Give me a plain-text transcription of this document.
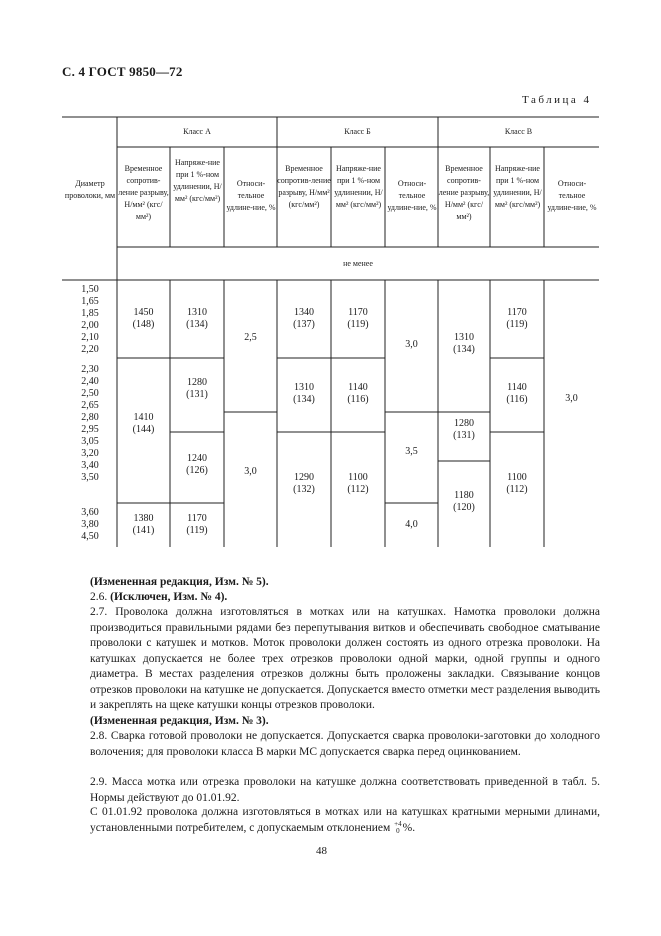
С. 4 ГОСТ 9850—72
Таблица 4
Диаметр проволоки, мм
Класс А	Класс Б	Класс В
Временное сопротив-ление разрыву, Н/мм² (кгс/мм²)
Напряже-ние при 1 %-ном удлинении, Н/мм² (кгс/мм²)
Относи-тельное удлине-ние, %
Временное сопротив-ление разрыву, Н/мм² (кгс/мм²)
Напряже-ние при 1 %-ном удлинении, Н/мм² (кгс/мм²)
Относи-тельное удлине-ние, %
Временное сопротив-ление разрыву, Н/мм² (кгс/мм²)
Напряже-ние при 1 %-ном удлинении, Н/мм² (кгс/мм²)
Относи-тельное удлине-ние, %
не менее
1,50
1,65
1,85
2,00
2,10
2,20
2,30
2,40
2,50
2,65
2,80
2,95
3,05
3,20
3,40
3,50
3,60
3,80
4,50
1450
(148)
1410
(144)
1380
(141)
1310
(134)
1280
(131)
1240
(126)
1170
(119)
2,5
3,0
1340
(137)
1310
(134)
1290
(132)
1170
(119)
1140
(116)
1100
(112)
3,0
3,5
4,0
1310
(134)
1280
(131)
1180
(120)
1170
(119)
1140
(116)
1100
(112)
3,0
(Измененная редакция, Изм. № 5).
2.6. (Исключен, Изм. № 4).
2.7. Проволока должна изготовляться в мотках или на катушках. Намотка проволоки должна производиться правильными рядами без перепутывания витков и обеспечивать свободное сматывание проволоки с катушек и мотков. Моток проволоки должен состоять из одного отрезка проволоки. На катушках допускается не более трех отрезков проволоки одной марки, одной группы и одного диаметра. В местах разделения отрезков должны быть проложены закладки. Связывание концов отрезков проволоки на катушке не допускается. Допускается вместо отметки мест разделения выводить и закреплять на щеке катушки концы отрезков проволоки.
(Измененная редакция, Изм. № 3).
2.8. Сварка готовой проволоки не допускается. Допускается сварка проволоки-заготовки до холодного волочения; для проволоки класса В марки МС допускается сварка перед оцинкованием.
2.9. Масса мотка или отрезка проволоки на катушке должна соответствовать приведенной в табл. 5. Нормы действуют до 01.01.92.
С 01.01.92 проволока должна изготовляться в мотках или на катушках кратными мерными длинами, установленными потребителем, с допускаемым отклонением +4
0 %.
48
